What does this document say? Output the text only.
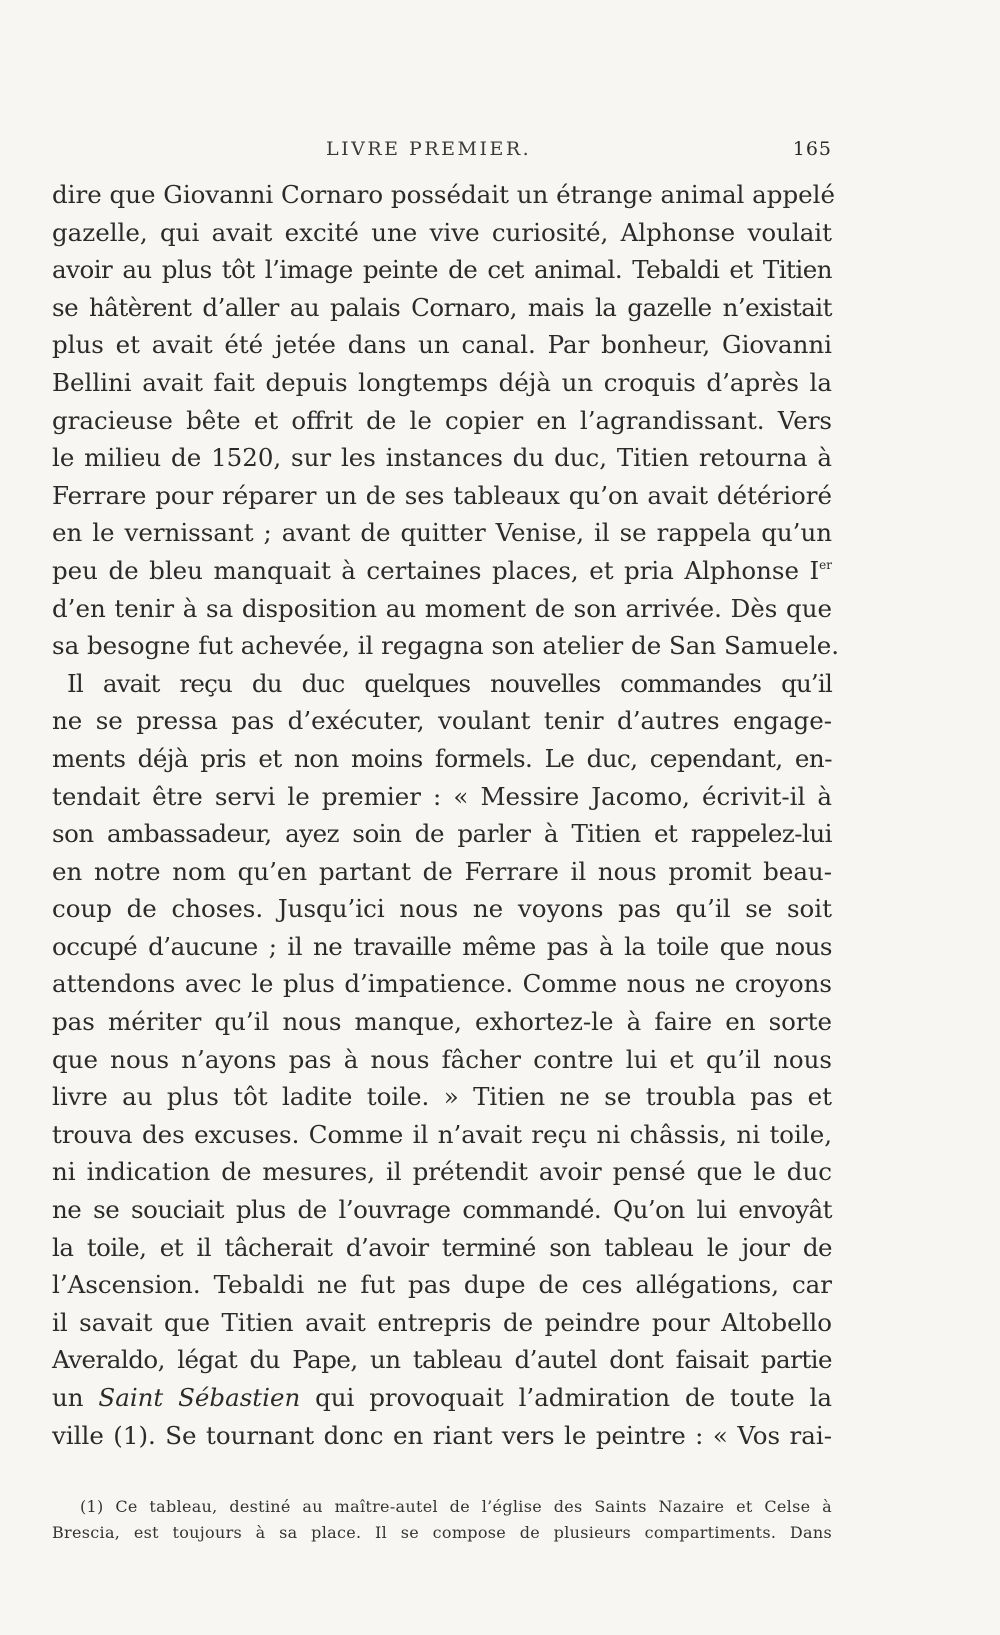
LIVRE PREMIER.	165
dire que Giovanni Cornaro possédait un étrange animal appelé
gazelle, qui avait excité une vive curiosité, Alphonse voulait
avoir au plus tôt l’image peinte de cet animal. Tebaldi et Titien
se hâtèrent d’aller au palais Cornaro, mais la gazelle n’existait
plus et avait été jetée dans un canal. Par bonheur, Giovanni
Bellini avait fait depuis longtemps déjà un croquis d’après la
gracieuse bête et offrit de le copier en l’agrandissant. Vers
le milieu de 1520, sur les instances du duc, Titien retourna à
Ferrare pour réparer un de ses tableaux qu’on avait détérioré
en le vernissant ; avant de quitter Venise, il se rappela qu’un
peu de bleu manquait à certaines places, et pria Alphonse Ier
d’en tenir à sa disposition au moment de son arrivée. Dès que
sa besogne fut achevée, il regagna son atelier de San Samuele.
Il avait reçu du duc quelques nouvelles commandes qu’il
ne se pressa pas d’exécuter, voulant tenir d’autres engage-
ments déjà pris et non moins formels. Le duc, cependant, en-
tendait être servi le premier : « Messire Jacomo, écrivit-il à
son ambassadeur, ayez soin de parler à Titien et rappelez-lui
en notre nom qu’en partant de Ferrare il nous promit beau-
coup de choses. Jusqu’ici nous ne voyons pas qu’il se soit
occupé d’aucune ; il ne travaille même pas à la toile que nous
attendons avec le plus d’impatience. Comme nous ne croyons
pas mériter qu’il nous manque, exhortez-le à faire en sorte
que nous n’ayons pas à nous fâcher contre lui et qu’il nous
livre au plus tôt ladite toile. » Titien ne se troubla pas et
trouva des excuses. Comme il n’avait reçu ni châssis, ni toile,
ni indication de mesures, il prétendit avoir pensé que le duc
ne se souciait plus de l’ouvrage commandé. Qu’on lui envoyât
la toile, et il tâcherait d’avoir terminé son tableau le jour de
l’Ascension. Tebaldi ne fut pas dupe de ces allégations, car
il savait que Titien avait entrepris de peindre pour Altobello
Averaldo, légat du Pape, un tableau d’autel dont faisait partie
un Saint Sébastien qui provoquait l’admiration de toute la
ville (1). Se tournant donc en riant vers le peintre : « Vos rai-
(1) Ce tableau, destiné au maître-autel de l’église des Saints Nazaire et Celse à
Brescia, est toujours à sa place. Il se compose de plusieurs compartiments. Dans
